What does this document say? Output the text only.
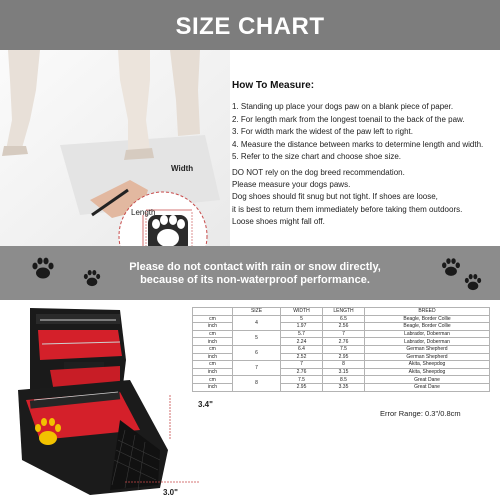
SIZE CHART
Width
Length
How To Measure:
1. Standing up place your dogs paw on a blank piece of paper.
2. For length mark from the longest toenail to the back of the paw.
3. For width mark the widest of the paw left to right.
4. Measure the distance between marks to determine length and width.
5. Refer to the size chart and choose shoe size.

DO NOT rely on the dog breed recommendation.

Please measure your dogs paws.

Dog shoes should fit snug but not tight. If shoes are loose,

it is best to return them immediately before taking them outdoors.

Loose shoes might fall off.

Please do not contact with rain or snow directly,
because of its non-waterproof performance.
3.4"
3.0"
	SIZE	WIDTH	LENGTH	BREED
cm	4	5	6.5	Beagle, Border Collie
inch		1.97	2.56	Beagle, Border Collie
cm	5	5.7	7	Labrador, Doberman
inch		2.24	2.76	Labrador, Doberman
cm	6	6.4	7.5	German Shepherd
inch		2.52	2.95	German Shepherd
cm	7	7	8	Akita, Sheepdog
inch		2.76	3.15	Akita, Sheepdog
cm	8	7.5	8.5	Great Dane
inch		2.95	3.35	Great Dane
Error Range: 0.3"/0.8cm
